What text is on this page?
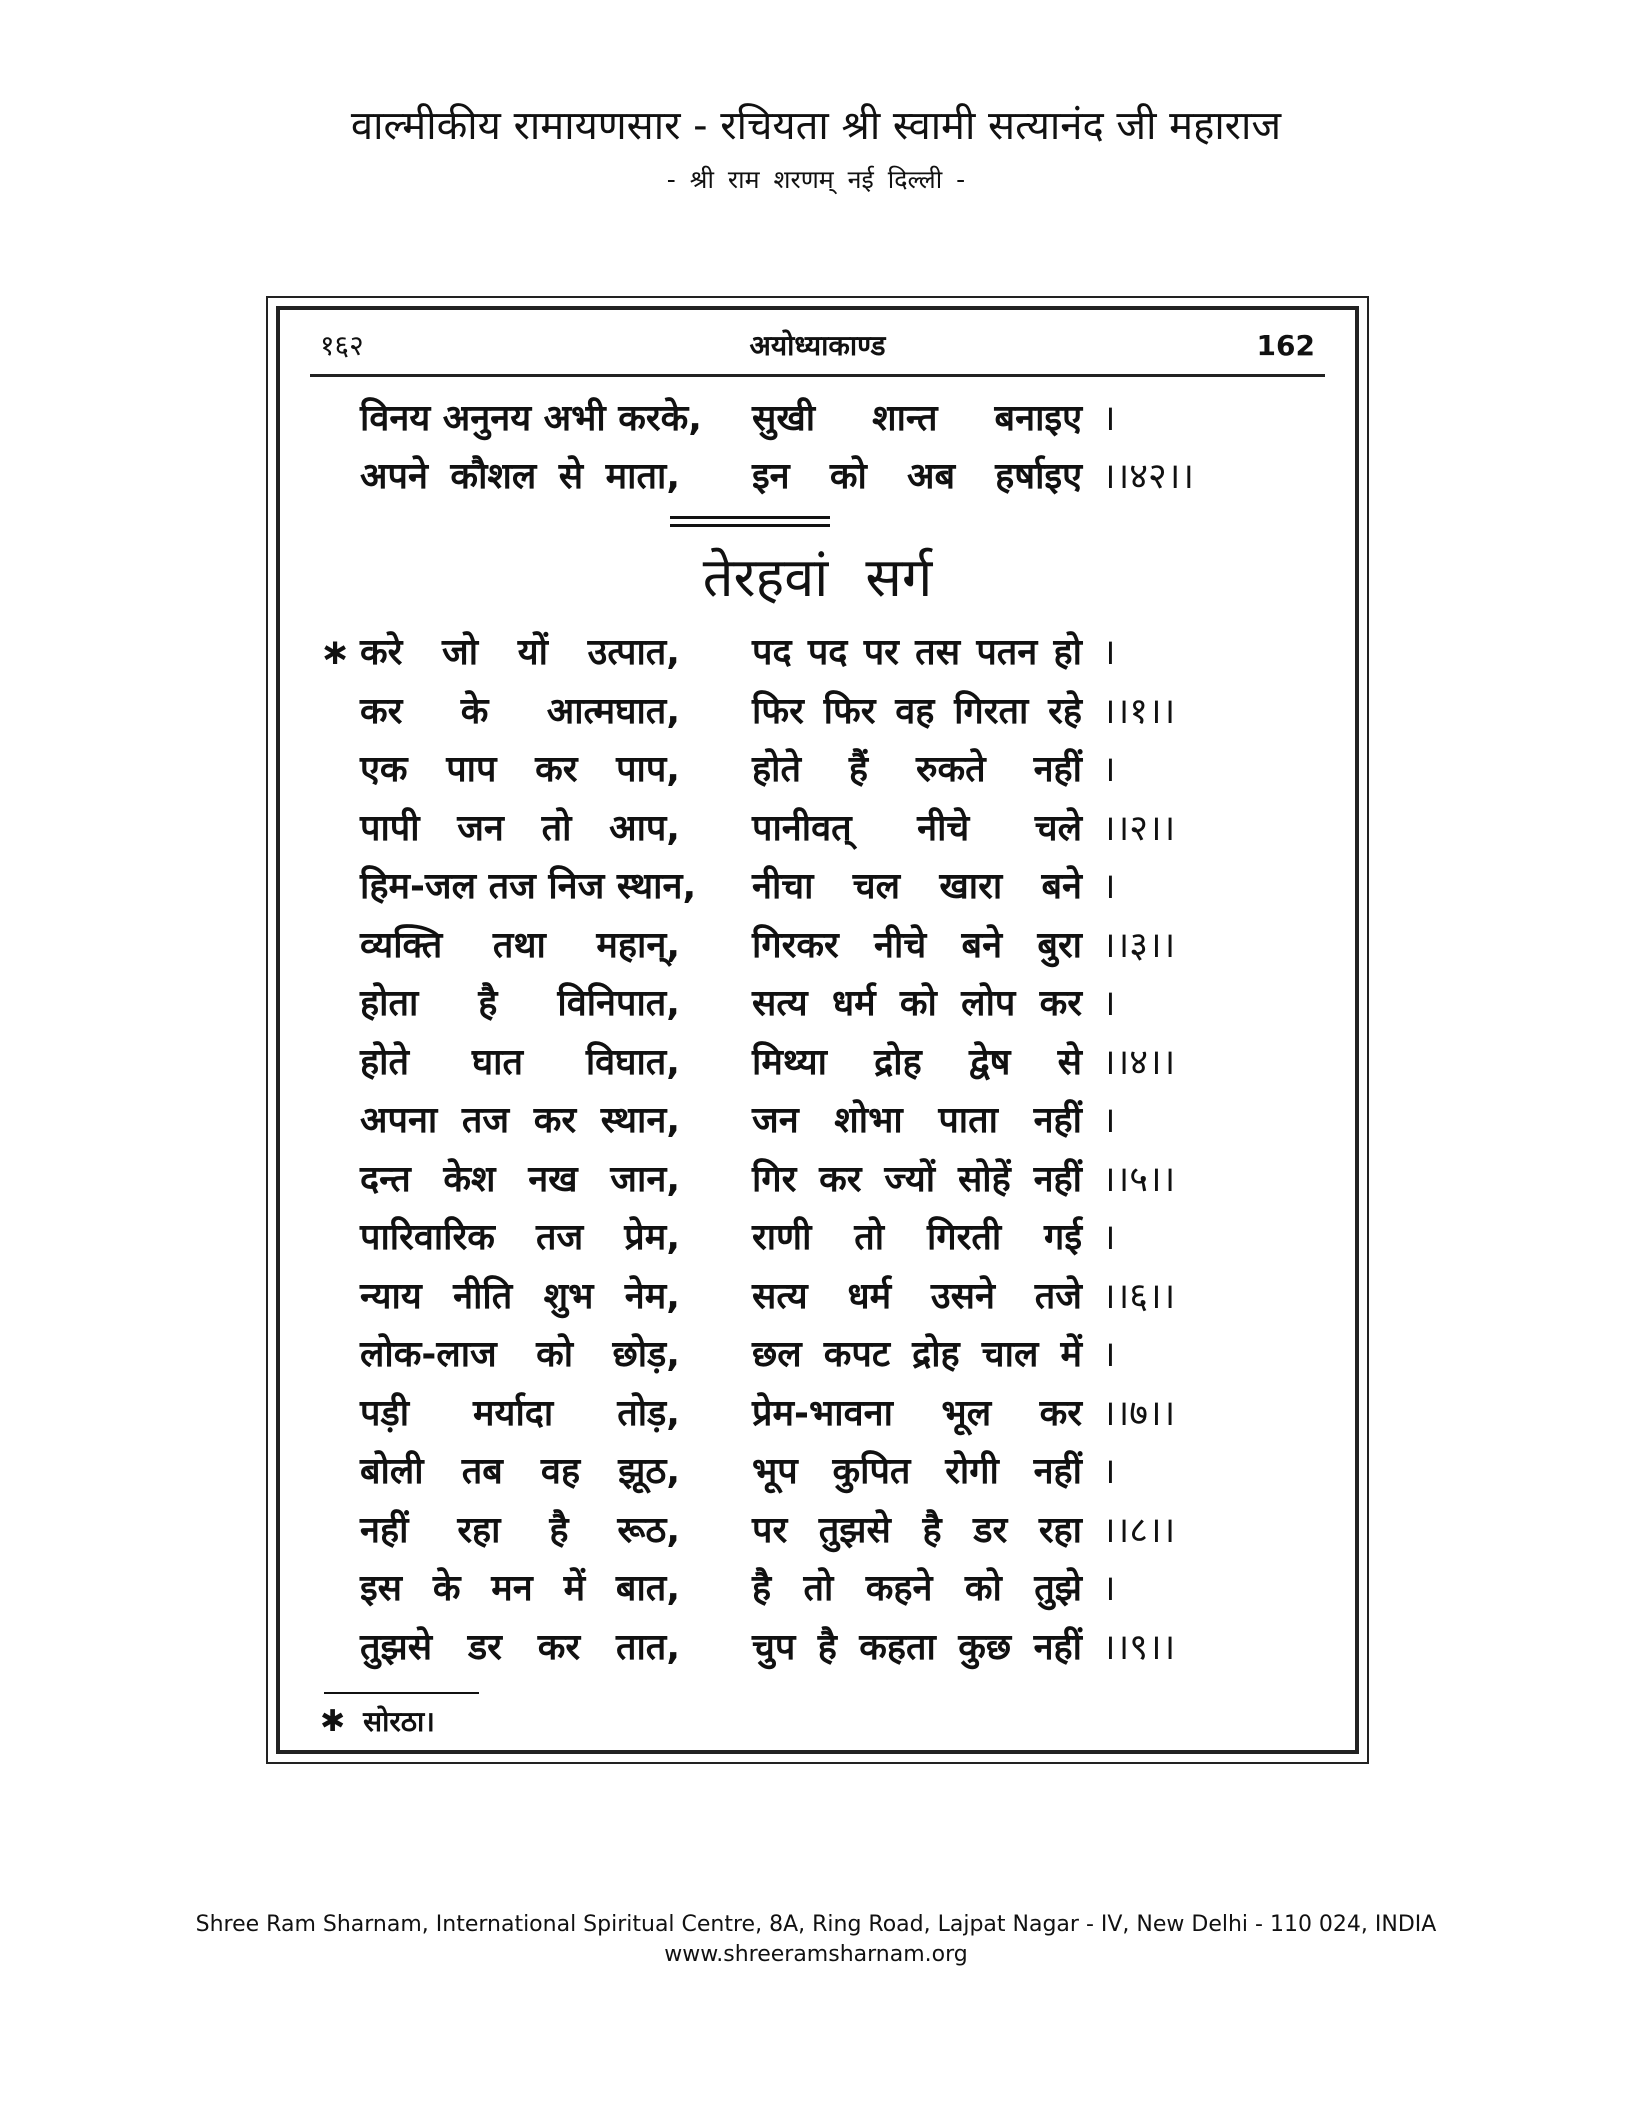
वाल्मीकीय रामायणसार - रचियता श्री स्वामी सत्यानंद जी महाराज
- श्री राम शरणम् नई दिल्ली -
१६२	अयोध्याकाण्ड	162
विनय अनुनय अभी करके, सुखी शान्त बनाइए ।
अपने कौशल से माता, इन को अब हर्षाइए ।।४२।।
तेरहवां सर्ग
∗ करे जो यों उत्पात, पद पद पर तस पतन हो ।
कर के आत्मघात, फिर फिर वह गिरता रहे ।।१।।
एक पाप कर पाप, होते हैं रुकते नहीं ।
पापी जन तो आप, पानीवत् नीचे चले ।।२।।
हिम-जल तज निज स्थान, नीचा चल खारा बने ।
व्यक्ति तथा महान्, गिरकर नीचे बने बुरा ।।३।।
होता है विनिपात, सत्य धर्म को लोप कर ।
होते घात विघात, मिथ्या द्रोह द्वेष से ।।४।।
अपना तज कर स्थान, जन शोभा पाता नहीं ।
दन्त केश नख जान, गिर कर ज्यों सोहें नहीं ।।५।।
पारिवारिक तज प्रेम, राणी तो गिरती गई ।
न्याय नीति शुभ नेम, सत्य धर्म उसने तजे ।।६।।
लोक-लाज को छोड़, छल कपट द्रोह चाल में ।
पड़ी मर्यादा तोड़, प्रेम-भावना भूल कर ।।७।।
बोली तब वह झूठ, भूप कुपित रोगी नहीं ।
नहीं रहा है रूठ, पर तुझसे है डर रहा ।।८।।
इस के मन में बात, है तो कहने को तुझे ।
तुझसे डर कर तात, चुप है कहता कुछ नहीं ।।९।।
✱ सोरठा।
Shree Ram Sharnam, International Spiritual Centre, 8A, Ring Road, Lajpat Nagar - IV, New Delhi - 110 024, INDIA
www.shreeramsharnam.org
